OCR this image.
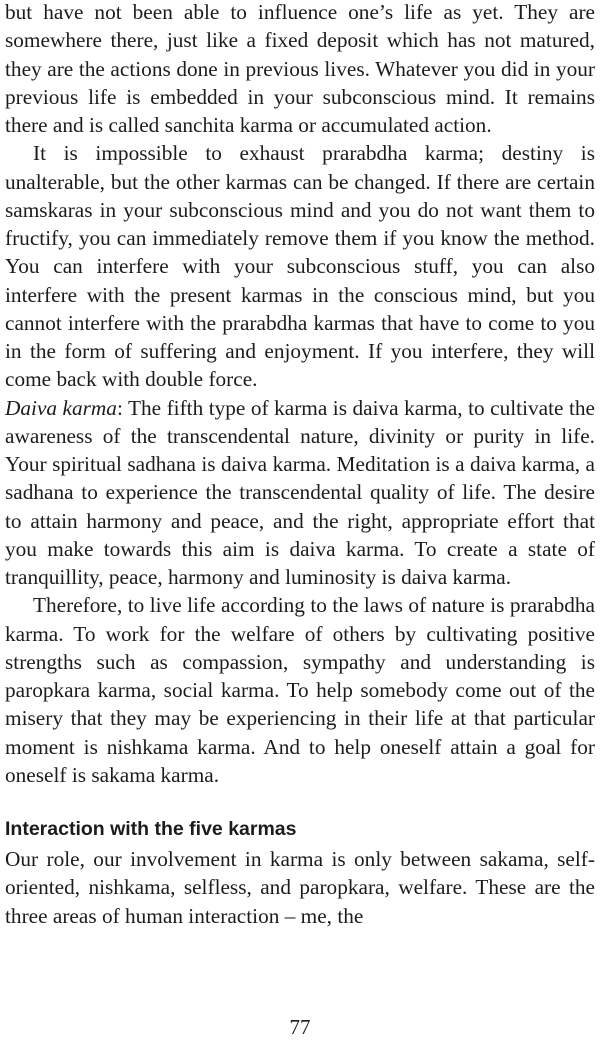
but have not been able to influence one’s life as yet. They are somewhere there, just like a fixed deposit which has not matured, they are the actions done in previous lives. Whatever you did in your previous life is embedded in your subconscious mind. It remains there and is called sanchita karma or accumulated action.

It is impossible to exhaust prarabdha karma; destiny is unalterable, but the other karmas can be changed. If there are certain samskaras in your subconscious mind and you do not want them to fructify, you can immediately remove them if you know the method. You can interfere with your subconscious stuff, you can also interfere with the present karmas in the conscious mind, but you cannot interfere with the prarabdha karmas that have to come to you in the form of suffering and enjoyment. If you interfere, they will come back with double force.

Daiva karma: The fifth type of karma is daiva karma, to cultivate the awareness of the transcendental nature, divinity or purity in life. Your spiritual sadhana is daiva karma. Meditation is a daiva karma, a sadhana to experience the transcendental quality of life. The desire to attain harmony and peace, and the right, appropriate effort that you make towards this aim is daiva karma. To create a state of tranquillity, peace, harmony and luminosity is daiva karma.

Therefore, to live life according to the laws of nature is prarabdha karma. To work for the welfare of others by cultivating positive strengths such as compassion, sympathy and understanding is paropkara karma, social karma. To help somebody come out of the misery that they may be experiencing in their life at that particular moment is nishkama karma. And to help oneself attain a goal for oneself is sakama karma.

Interaction with the five karmas

Our role, our involvement in karma is only between sakama, self-oriented, nishkama, selfless, and paropkara, welfare. These are the three areas of human interaction – me, the

77
